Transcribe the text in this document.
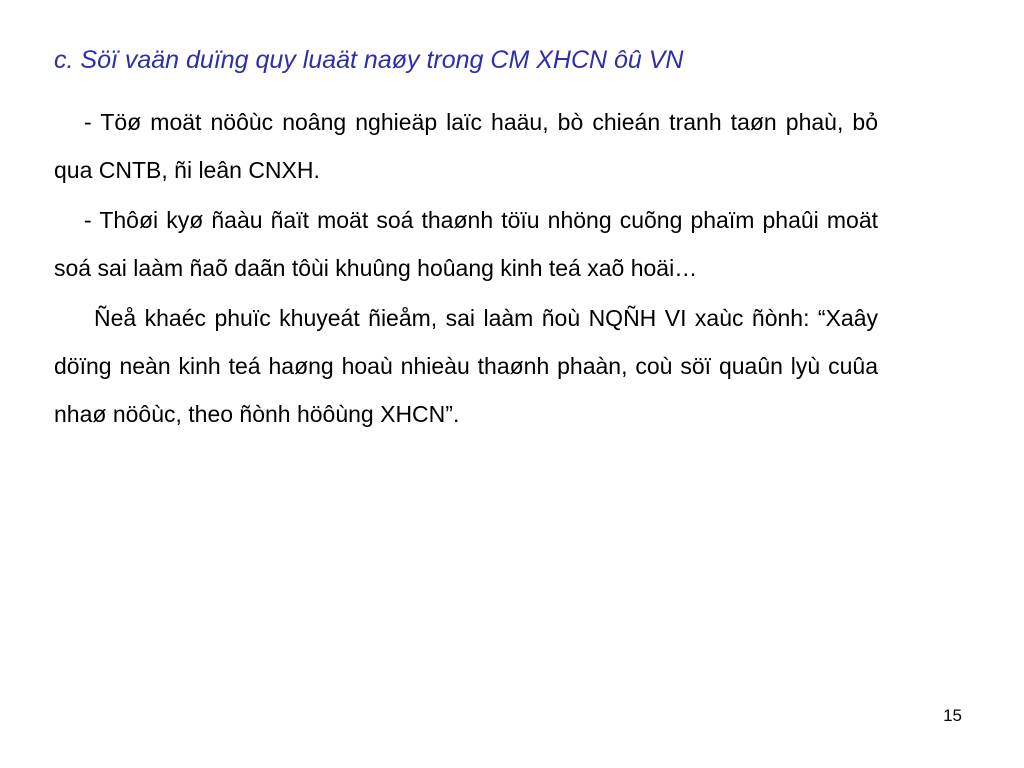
c. Söï vaän duïng quy luaät naøy trong CM XHCN ôû VN

- Töø moät nöôùc noâng nghieäp laïc haäu, bò chieán tranh taøn phaù, bỏ qua CNTB, ñi leân CNXH.

- Thôøi kyø ñaàu ñaït moät soá thaønh töïu nhöng cuõng phaïm phaûi moät soá sai laàm ñaõ daãn tôùi khuûng hoûang kinh teá xaõ hoäi…

Ñeå khaéc phuïc khuyeát ñieåm, sai laàm ñoù NQÑH VI xaùc ñònh: “Xaây döïng neàn kinh teá haøng hoaù nhieàu thaønh phaàn, coù söï quaûn lyù cuûa nhaø nöôùc, theo ñònh höôùng XHCN”.

15
